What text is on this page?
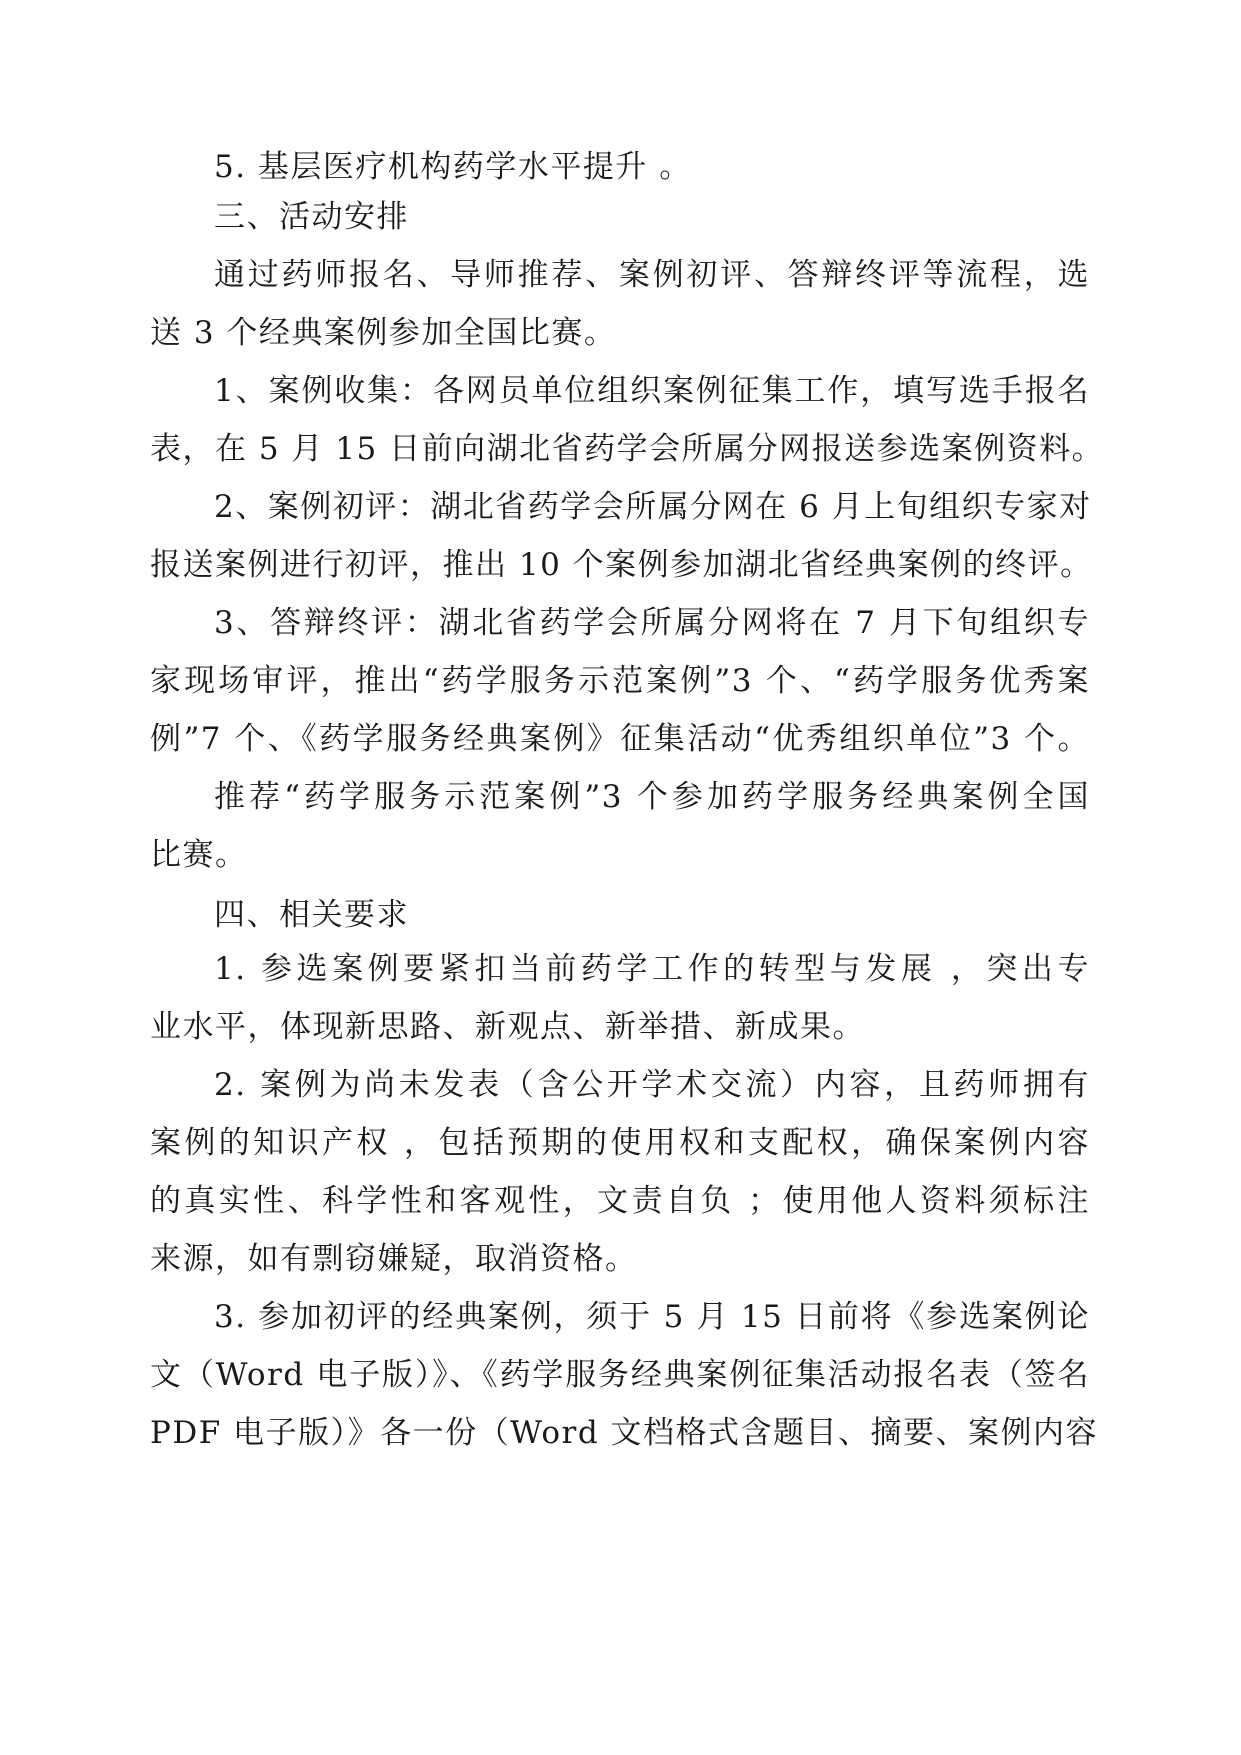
5. 基层医疗机构药学水平提升 。
三、活动安排
通过药师报名、导师推荐、案例初评、答辩终评等流程，选
送 3 个经典案例参加全国比赛。
1、案例收集：各网员单位组织案例征集工作，填写选手报名
表，在 5 月 15 日前向湖北省药学会所属分网报送参选案例资料。
2、案例初评：湖北省药学会所属分网在 6 月上旬组织专家对
报送案例进行初评，推出 10 个案例参加湖北省经典案例的终评。
3、答辩终评：湖北省药学会所属分网将在 7 月下旬组织专
家现场审评，推出“药学服务示范案例”3 个、“药学服务优秀案
例”7 个、《药学服务经典案例》征集活动“优秀组织单位”3 个。
推荐“药学服务示范案例”3 个参加药学服务经典案例全国
比赛。
四、相关要求
1. 参选案例要紧扣当前药学工作的转型与发展 ，突出专
业水平，体现新思路、新观点、新举措、新成果。
2. 案例为尚未发表（含公开学术交流）内容，且药师拥有
案例的知识产权 ，包括预期的使用权和支配权，确保案例内容
的真实性、科学性和客观性，文责自负 ；使用他人资料须标注
来源，如有剽窃嫌疑，取消资格。
3. 参加初评的经典案例，须于 5 月 15 日前将《参选案例论
文（Word 电子版）》、《药学服务经典案例征集活动报名表（签名
PDF 电子版）》各一份（Word 文档格式含题目、摘要、案例内容
